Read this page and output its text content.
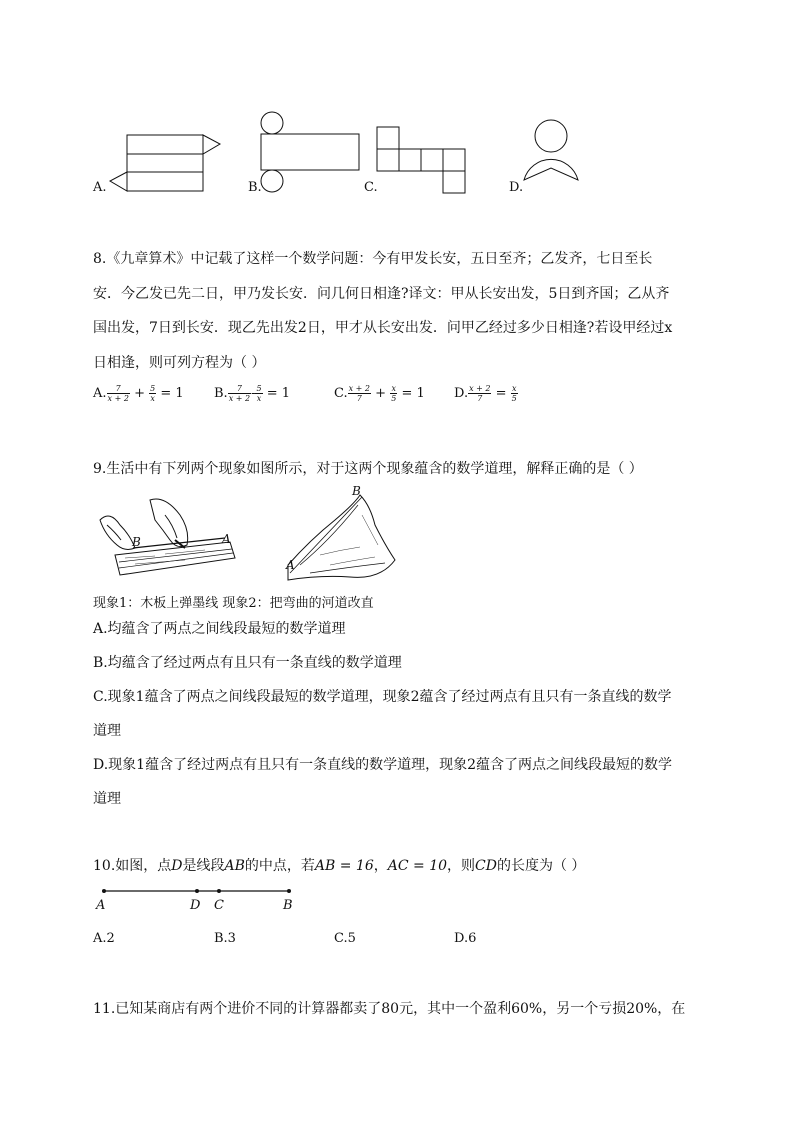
A.	B.	C.	D.
8.《九章算术》中记载了这样一个数学问题：今有甲发长安，五日至齐；乙发齐，七日至长
安．今乙发已先二日，甲乃发长安．问几何日相逢?译文：甲从长安出发，5日到齐国；乙从齐
国出发，7日到长安．现乙先出发2日，甲才从长安出发．问甲乙经过多少日相逢?若设甲经过x
日相逢，则可列方程为（ ）
A. $\frac{7}{x + 2} + \frac{5}{x} = 1$ B. $\frac{7}{x + 2} - \frac{5}{x} = 1$	C. $\frac{x + 2}{7} + \frac{x}{5} = 1$ D. $\frac{x + 2}{7} = \frac{x}{5}$
9.生活中有下列两个现象如图所示，对于这两个现象蕴含的数学道理，解释正确的是（ ）
B	A
B
A
现象1：木板上弹墨线 现象2：把弯曲的河道改直
A.均蕴含了两点之间线段最短的数学道理
B.均蕴含了经过两点有且只有一条直线的数学道理
C.现象1蕴含了两点之间线段最短的数学道理，现象2蕴含了经过两点有且只有一条直线的数学
道理
D.现象1蕴含了经过两点有且只有一条直线的数学道理，现象2蕴含了两点之间线段最短的数学
道理
10.如图，点D是线段AB的中点，若AB = 16，AC = 10，则CD的长度为（ ）
A	D C	B
A.2	B.3	C.5	D.6
11.已知某商店有两个进价不同的计算器都卖了80元，其中一个盈利60%，另一个亏损20%，在
